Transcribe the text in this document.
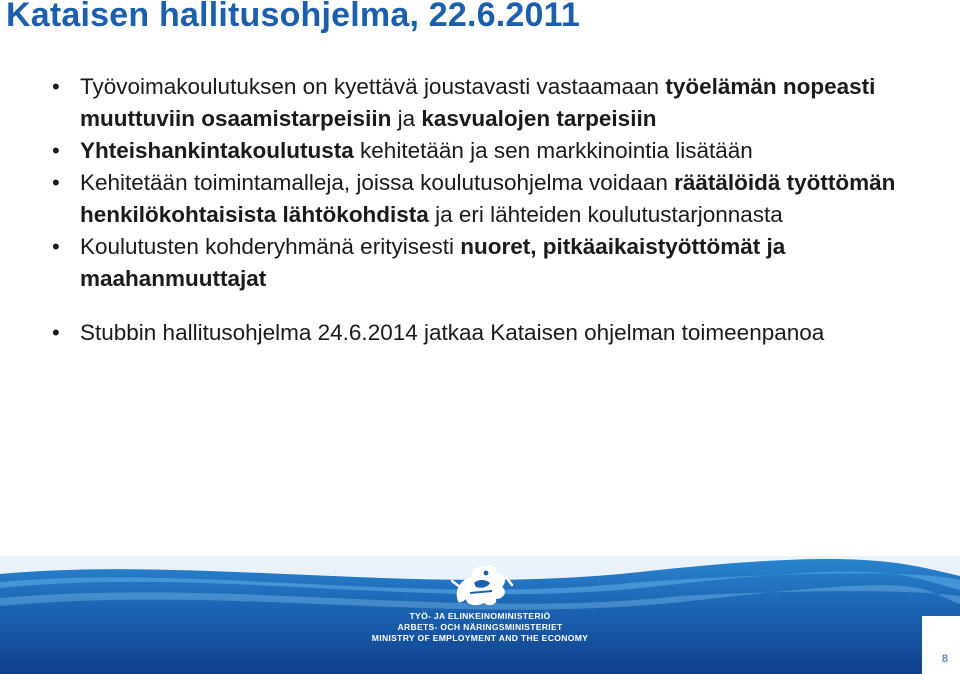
Kataisen hallitusohjelma, 22.6.2011
• Työvoimakoulutuksen on kyettävä joustavasti vastaamaan työelämän nopeasti muuttuviin osaamistarpeisiin ja kasvualojen tarpeisiin
• Yhteishankintakoulutusta kehitetään ja sen markkinointia lisätään
• Kehitetään toimintamalleja, joissa koulutusohjelma voidaan räätälöidä työttömän henkilökohtaisista lähtökohdista ja eri lähteiden koulutustarjonnasta
• Koulutusten kohderyhmänä erityisesti nuoret, pitkäaikaistyöttömät ja maahanmuuttajat
• Stubbin hallitusohjelma 24.6.2014 jatkaa Kataisen ohjelman toimeenpanoa
TYÖ- JA ELINKEINOMINISTERIÖ
ARBETS- OCH NÄRINGSMINISTERIET
MINISTRY OF EMPLOYMENT AND THE ECONOMY
8
